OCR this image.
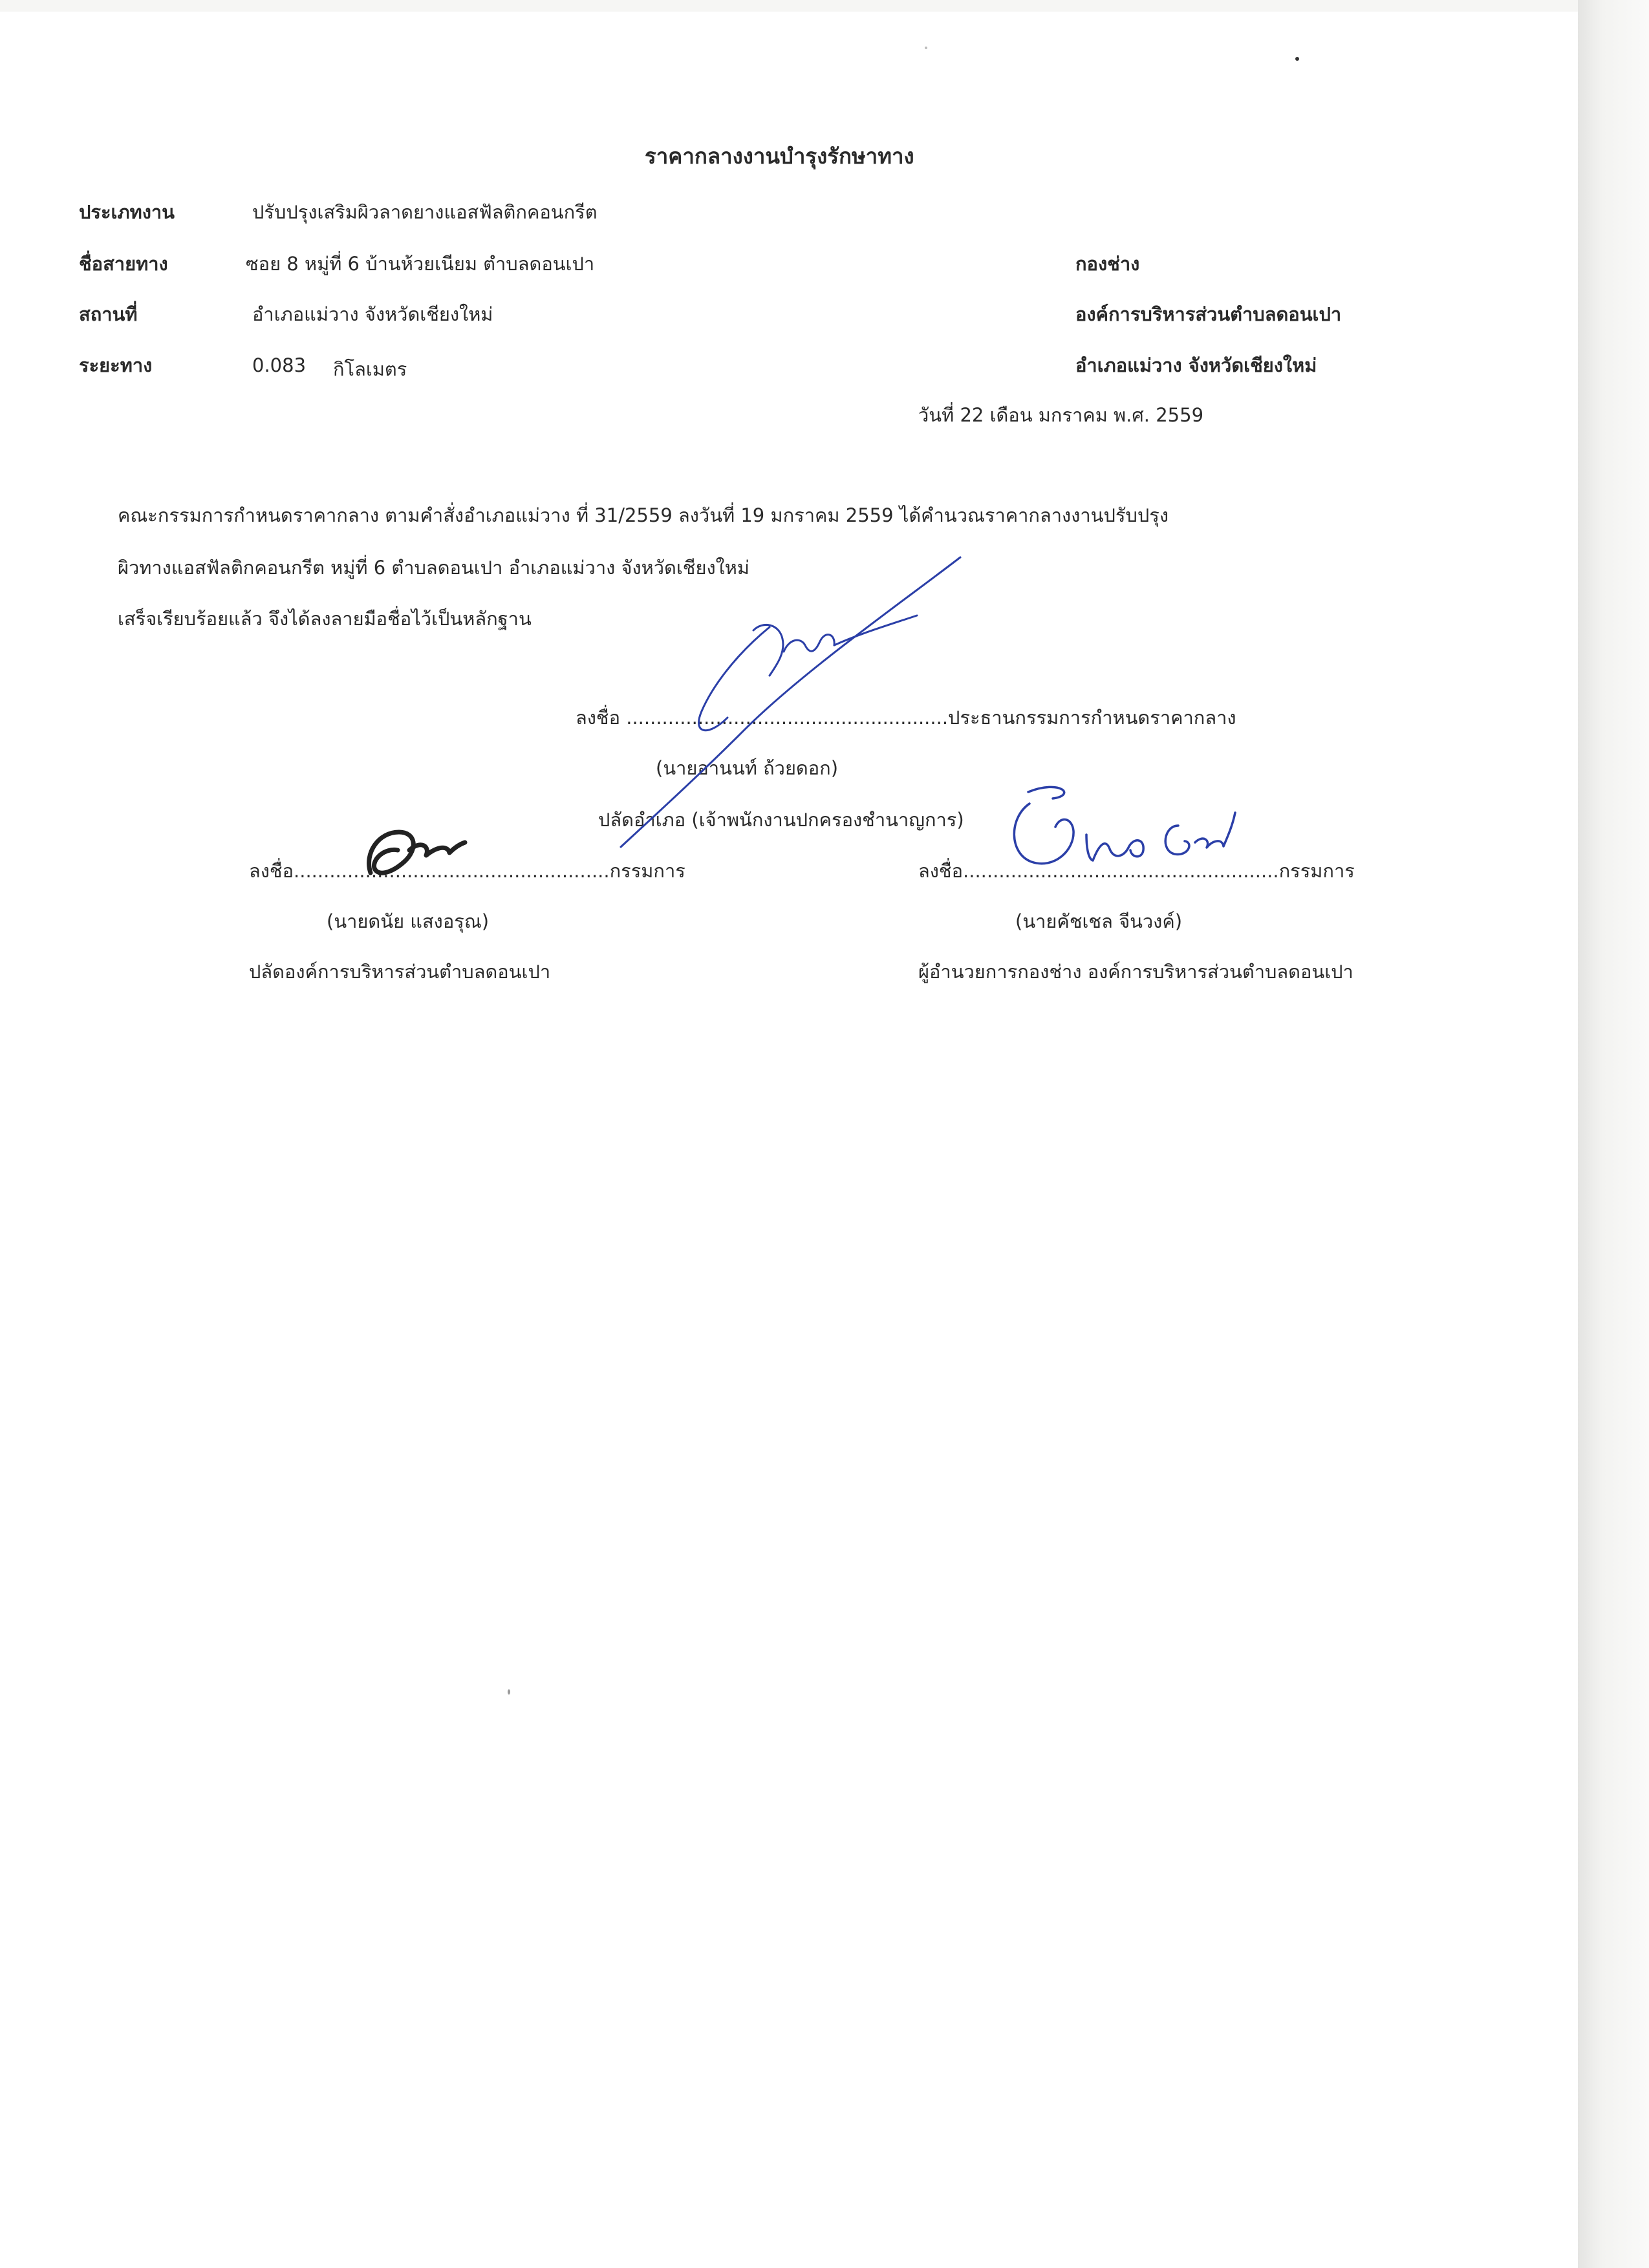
ราคากลางงานบำรุงรักษาทาง
ประเภทงาน	ปรับปรุงเสริมผิวลาดยางแอสฟัลติกคอนกรีต
ชื่อสายทาง	ซอย 8 หมู่ที่ 6 บ้านห้วยเนียม ตำบลดอนเปา
สถานที่	อำเภอแม่วาง จังหวัดเชียงใหม่
ระยะทาง	0.083 กิโลเมตร
กองช่าง
องค์การบริหารส่วนตำบลดอนเปา
อำเภอแม่วาง จังหวัดเชียงใหม่
วันที่ 22 เดือน มกราคม พ.ศ. 2559
คณะกรรมการกำหนดราคากลาง ตามคำสั่งอำเภอแม่วาง ที่ 31/2559 ลงวันที่ 19 มกราคม 2559 ได้คำนวณราคากลางงานปรับปรุง
ผิวทางแอสฟัลติกคอนกรีต หมู่ที่ 6 ตำบลดอนเปา อำเภอแม่วาง จังหวัดเชียงใหม่
เสร็จเรียบร้อยแล้ว จึงได้ลงลายมือชื่อไว้เป็นหลักฐาน
ลงชื่อ ......................................................ประธานกรรมการกำหนดราคากลาง
(นายอานนท์ ถ้วยดอก)
ปลัดอำเภอ (เจ้าพนักงานปกครองชำนาญการ)
ลงชื่อ.....................................................กรรมการ
(นายดนัย แสงอรุณ)
ปลัดองค์การบริหารส่วนตำบลดอนเปา
ลงชื่อ.....................................................กรรมการ
(นายคัชเชล จีนวงค์)
ผู้อำนวยการกองช่าง องค์การบริหารส่วนตำบลดอนเปา
